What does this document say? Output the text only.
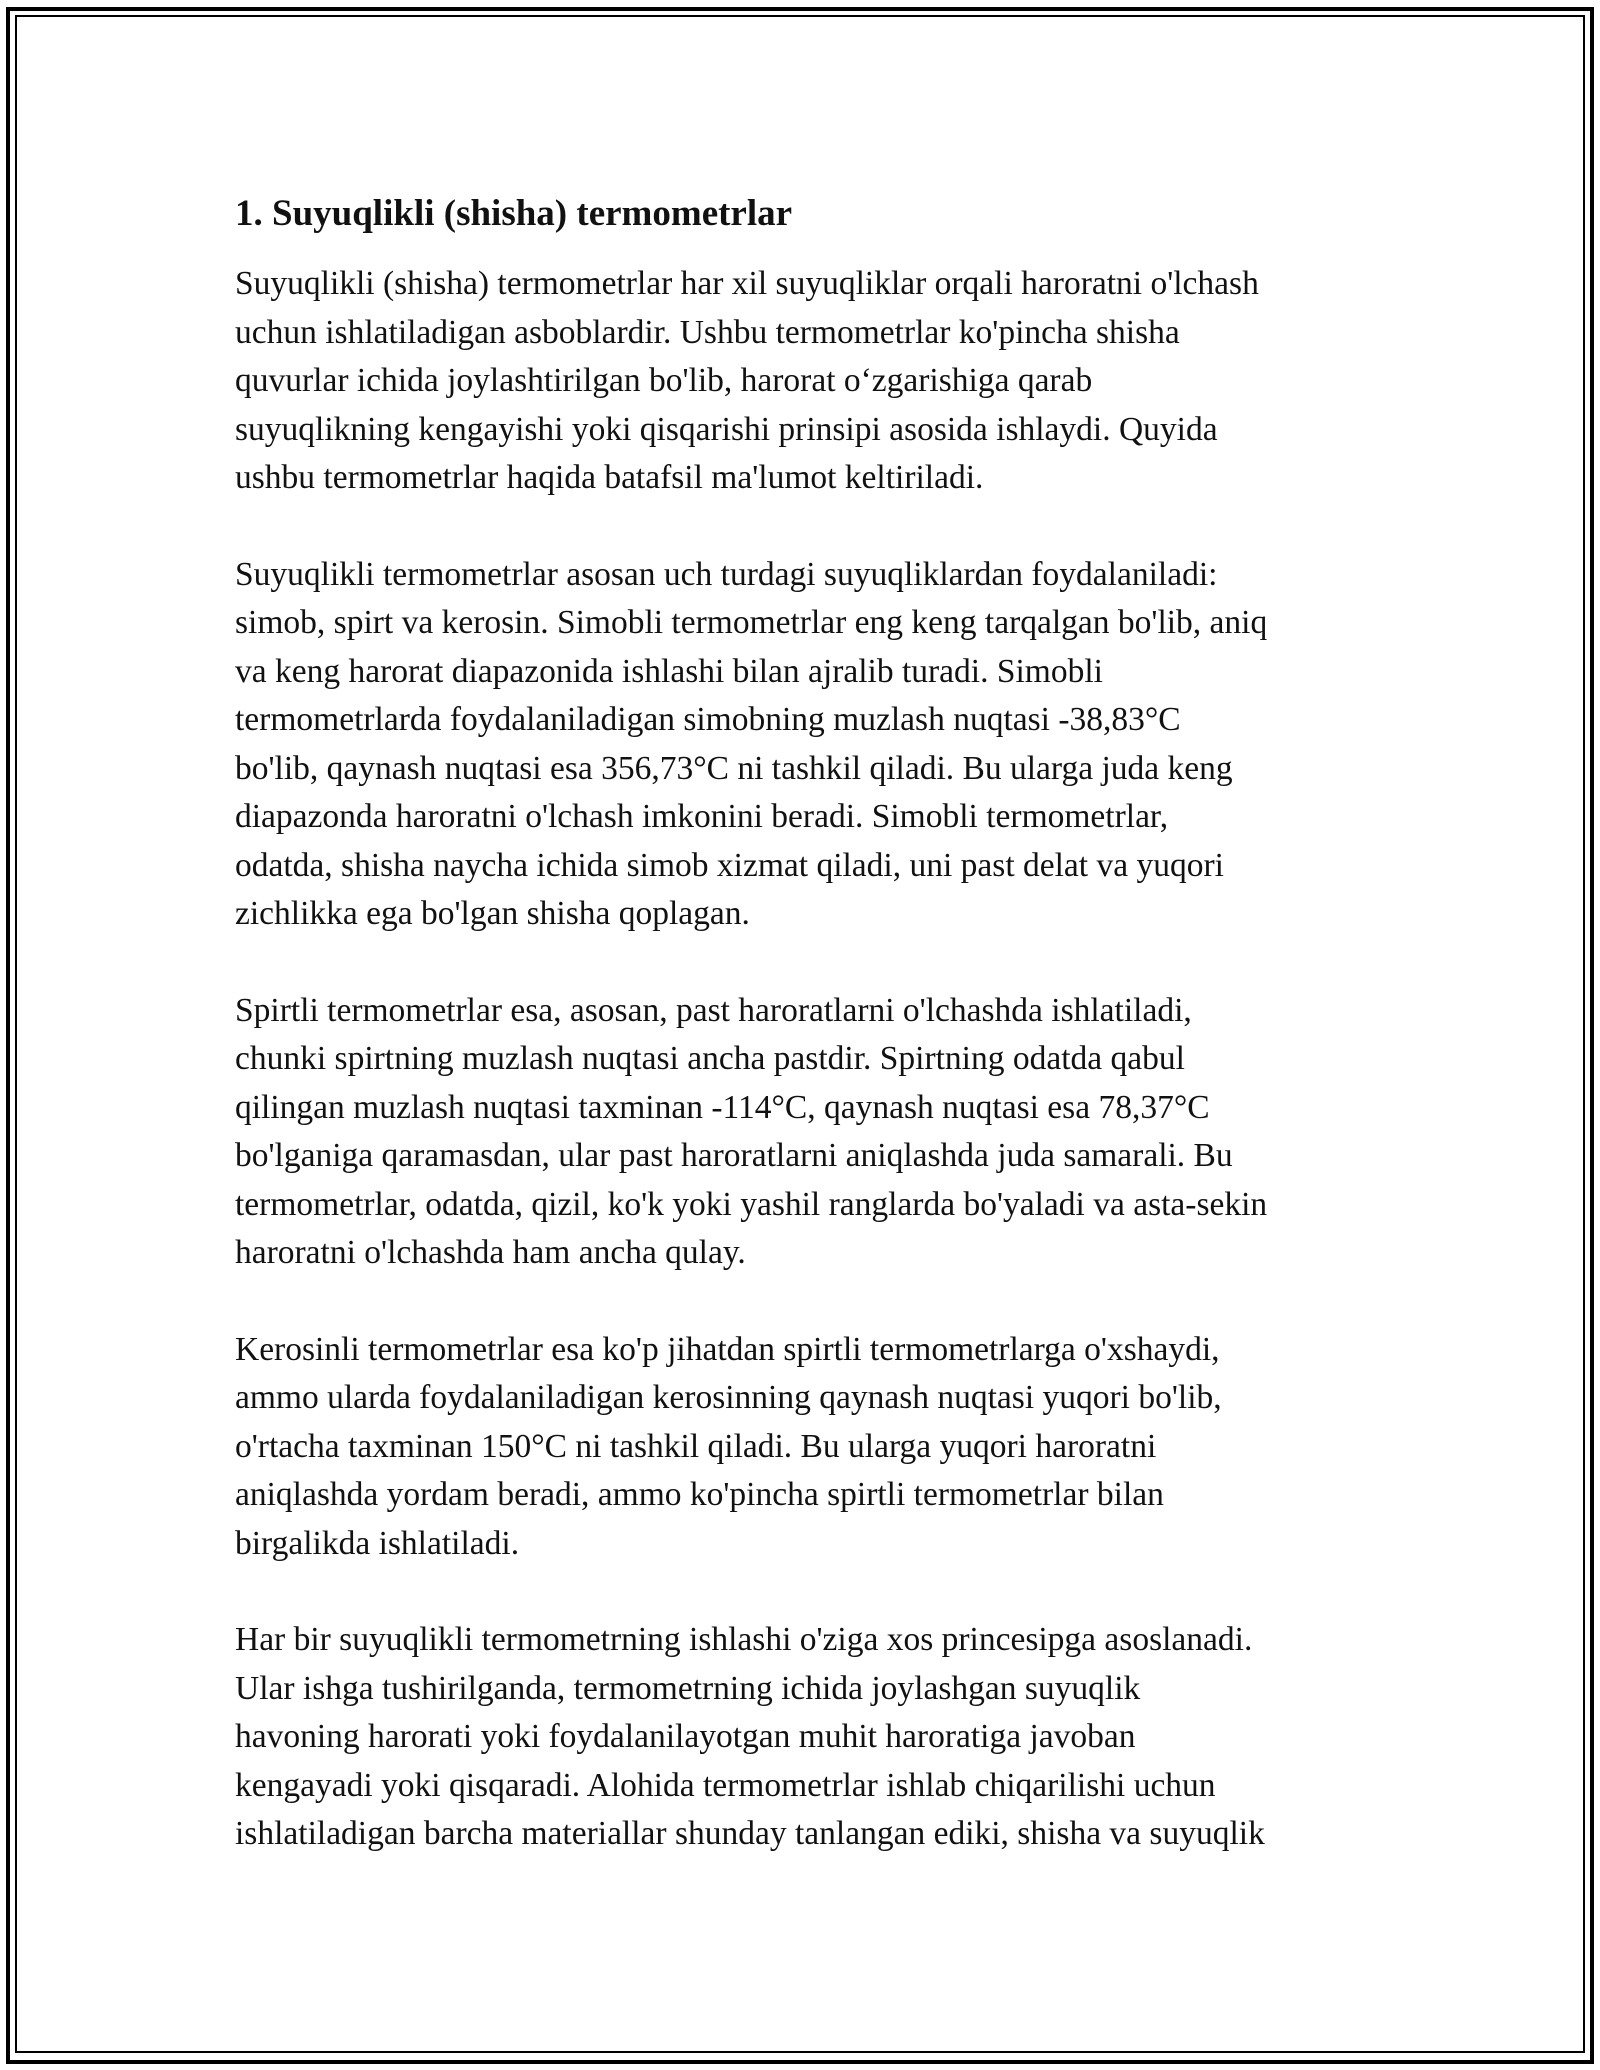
1. Suyuqlikli (shisha) termometrlar

Suyuqlikli (shisha) termometrlar har xil suyuqliklar orqali haroratni o'lchash
uchun ishlatiladigan asboblardir. Ushbu termometrlar ko'pincha shisha
quvurlar ichida joylashtirilgan bo'lib, harorat o‘zgarishiga qarab
suyuqlikning kengayishi yoki qisqarishi prinsipi asosida ishlaydi. Quyida
ushbu termometrlar haqida batafsil ma'lumot keltiriladi.

Suyuqlikli termometrlar asosan uch turdagi suyuqliklardan foydalaniladi:
simob, spirt va kerosin. Simobli termometrlar eng keng tarqalgan bo'lib, aniq
va keng harorat diapazonida ishlashi bilan ajralib turadi. Simobli
termometrlarda foydalaniladigan simobning muzlash nuqtasi -38,83°C
bo'lib, qaynash nuqtasi esa 356,73°C ni tashkil qiladi. Bu ularga juda keng
diapazonda haroratni o'lchash imkonini beradi. Simobli termometrlar,
odatda, shisha naycha ichida simob xizmat qiladi, uni past delat va yuqori
zichlikka ega bo'lgan shisha qoplagan.

Spirtli termometrlar esa, asosan, past haroratlarni o'lchashda ishlatiladi,
chunki spirtning muzlash nuqtasi ancha pastdir. Spirtning odatda qabul
qilingan muzlash nuqtasi taxminan -114°C, qaynash nuqtasi esa 78,37°C
bo'lganiga qaramasdan, ular past haroratlarni aniqlashda juda samarali. Bu
termometrlar, odatda, qizil, ko'k yoki yashil ranglarda bo'yaladi va asta-sekin
haroratni o'lchashda ham ancha qulay.

Kerosinli termometrlar esa ko'p jihatdan spirtli termometrlarga o'xshaydi,
ammo ularda foydalaniladigan kerosinning qaynash nuqtasi yuqori bo'lib,
o'rtacha taxminan 150°C ni tashkil qiladi. Bu ularga yuqori haroratni
aniqlashda yordam beradi, ammo ko'pincha spirtli termometrlar bilan
birgalikda ishlatiladi.

Har bir suyuqlikli termometrning ishlashi o'ziga xos princesipga asoslanadi.
Ular ishga tushirilganda, termometrning ichida joylashgan suyuqlik
havoning harorati yoki foydalanilayotgan muhit haroratiga javoban
kengayadi yoki qisqaradi. Alohida termometrlar ishlab chiqarilishi uchun
ishlatiladigan barcha materiallar shunday tanlangan ediki, shisha va suyuqlik
